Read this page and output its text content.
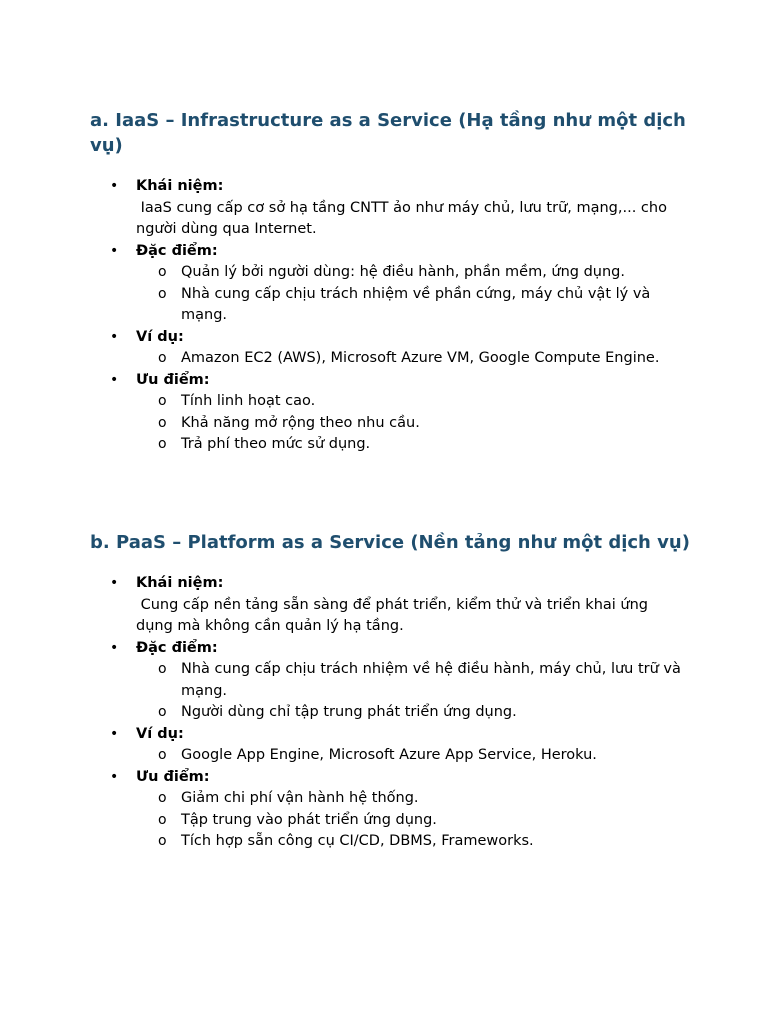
a. IaaS – Infrastructure as a Service (Hạ tầng như một dịch vụ)
• Khái niệm:
IaaS cung cấp cơ sở hạ tầng CNTT ảo như máy chủ, lưu trữ, mạng,... cho người dùng qua Internet.
• Đặc điểm:
o Quản lý bởi người dùng: hệ điều hành, phần mềm, ứng dụng.
o Nhà cung cấp chịu trách nhiệm về phần cứng, máy chủ vật lý và mạng.
• Ví dụ:
o Amazon EC2 (AWS), Microsoft Azure VM, Google Compute Engine.
• Ưu điểm:
o Tính linh hoạt cao.
o Khả năng mở rộng theo nhu cầu.
o Trả phí theo mức sử dụng.
b. PaaS – Platform as a Service (Nền tảng như một dịch vụ)
• Khái niệm:
Cung cấp nền tảng sẵn sàng để phát triển, kiểm thử và triển khai ứng dụng mà không cần quản lý hạ tầng.
• Đặc điểm:
o Nhà cung cấp chịu trách nhiệm về hệ điều hành, máy chủ, lưu trữ và mạng.
o Người dùng chỉ tập trung phát triển ứng dụng.
• Ví dụ:
o Google App Engine, Microsoft Azure App Service, Heroku.
• Ưu điểm:
o Giảm chi phí vận hành hệ thống.
o Tập trung vào phát triển ứng dụng.
o Tích hợp sẵn công cụ CI/CD, DBMS, Frameworks.
